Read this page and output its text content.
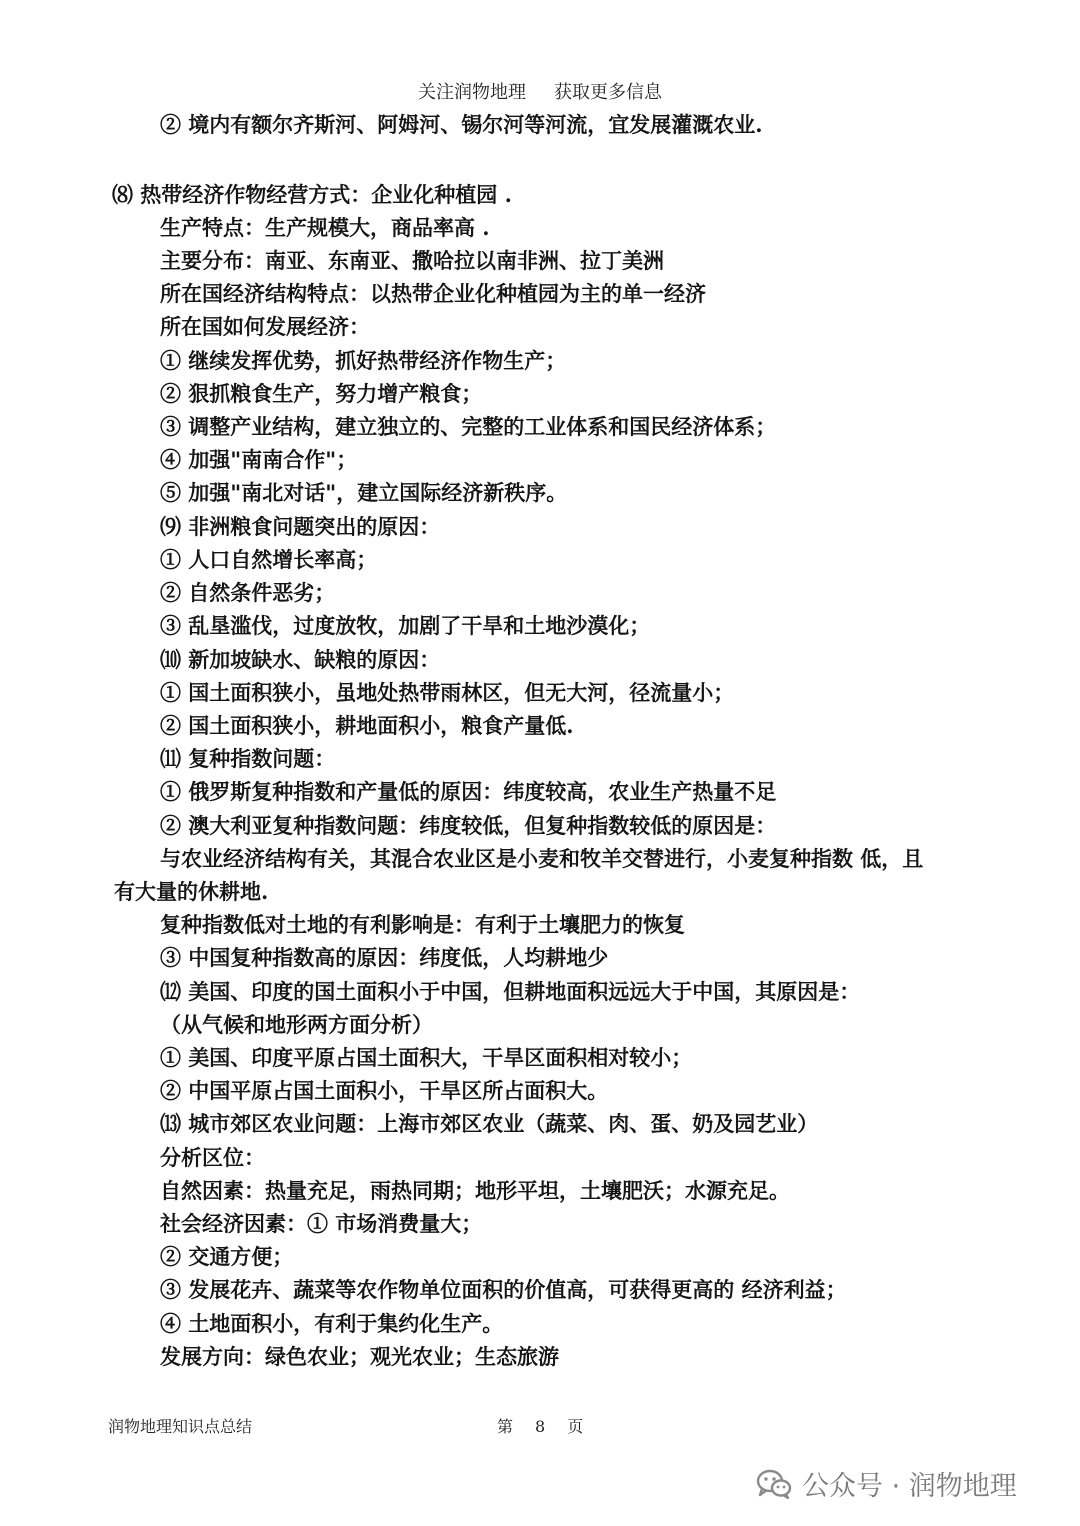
关注润物地理 获取更多信息
② 境内有额尔齐斯河、阿姆河、锡尔河等河流，宜发展灌溉农业.
⑻ 热带经济作物经营方式：企业化种植园 .
生产特点：生产规模大，商品率高 .
主要分布：南亚、东南亚、撒哈拉以南非洲、拉丁美洲
所在国经济结构特点：以热带企业化种植园为主的单一经济
所在国如何发展经济：
① 继续发挥优势，抓好热带经济作物生产；
② 狠抓粮食生产，努力增产粮食；
③ 调整产业结构，建立独立的、完整的工业体系和国民经济体系；
④ 加强"南南合作"；
⑤ 加强"南北对话"，建立国际经济新秩序。
⑼ 非洲粮食问题突出的原因：
① 人口自然增长率高；
② 自然条件恶劣；
③ 乱垦滥伐，过度放牧，加剧了干旱和土地沙漠化；
⑽ 新加坡缺水、缺粮的原因：
① 国土面积狭小，虽地处热带雨林区，但无大河，径流量小；
② 国土面积狭小，耕地面积小，粮食产量低.
⑾ 复种指数问题：
① 俄罗斯复种指数和产量低的原因：纬度较高，农业生产热量不足
② 澳大利亚复种指数问题：纬度较低，但复种指数较低的原因是：
与农业经济结构有关，其混合农业区是小麦和牧羊交替进行，小麦复种指数 低，且
有大量的休耕地.
复种指数低对土地的有利影响是：有利于土壤肥力的恢复
③ 中国复种指数高的原因：纬度低，人均耕地少
⑿ 美国、印度的国土面积小于中国，但耕地面积远远大于中国，其原因是：
（从气候和地形两方面分析）
① 美国、印度平原占国土面积大，干旱区面积相对较小；
② 中国平原占国土面积小，干旱区所占面积大。
⒀ 城市郊区农业问题：上海市郊区农业（蔬菜、肉、蛋、奶及园艺业）
分析区位：
自然因素：热量充足，雨热同期；地形平坦，土壤肥沃；水源充足。
社会经济因素：① 市场消费量大；
② 交通方便；
③ 发展花卉、蔬菜等农作物单位面积的价值高，可获得更高的 经济利益；
④ 土地面积小，有利于集约化生产。
发展方向：绿色农业；观光农业；生态旅游
润物地理知识点总结	第 8 页
公众号 · 润物地理
